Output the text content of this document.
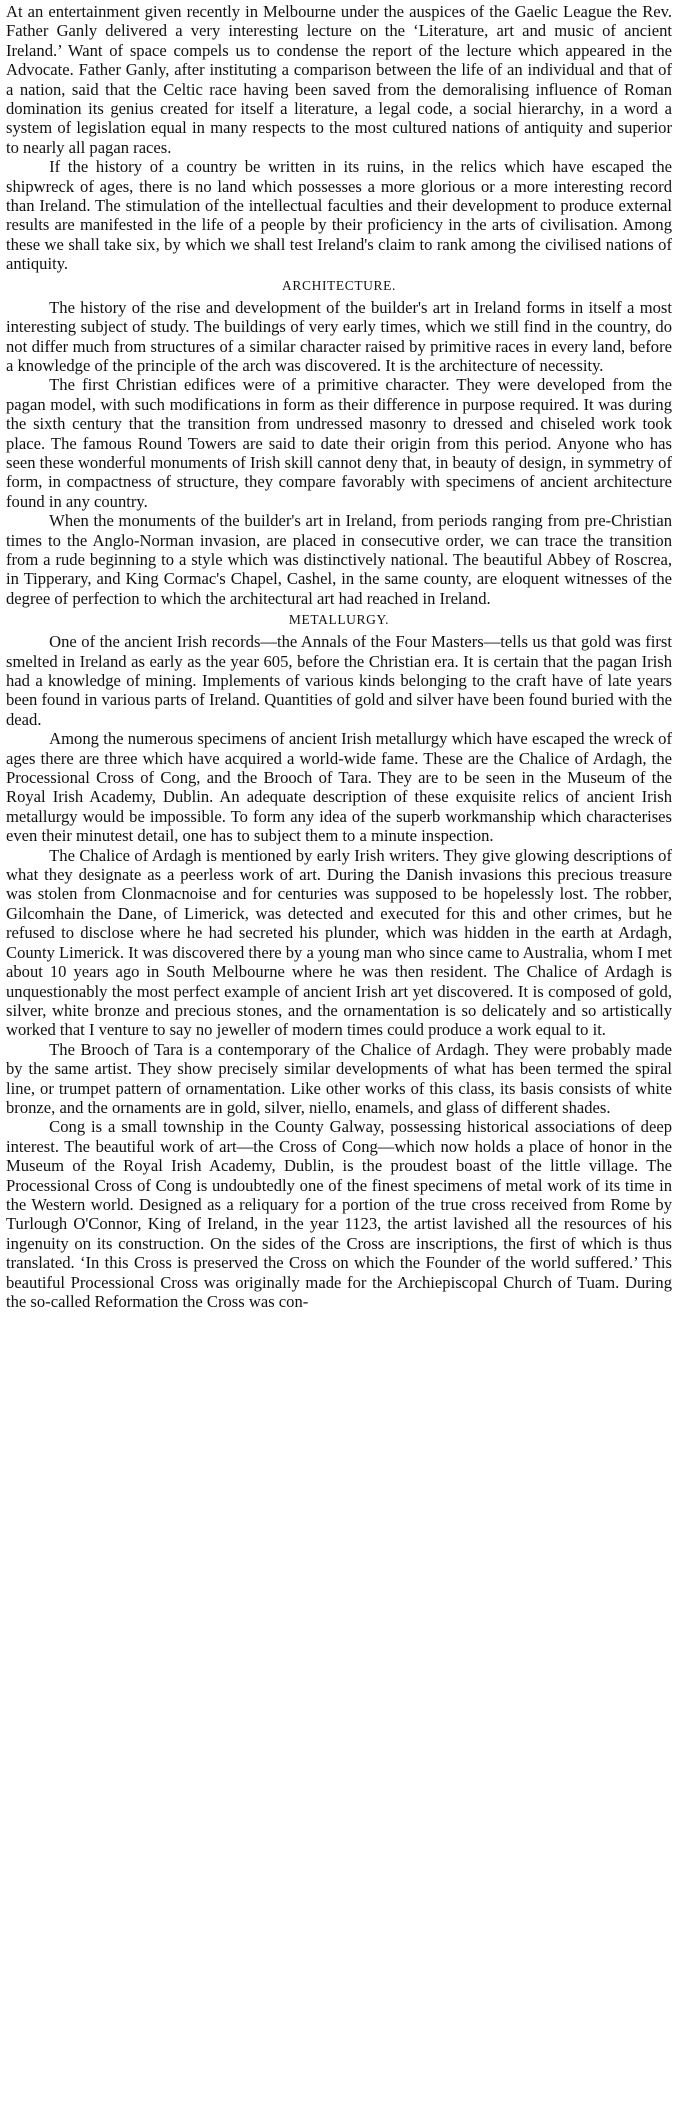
At an entertainment given recently in Melbourne under the auspices of the Gaelic League the Rev. Father Ganly delivered a very interesting lecture on the ‘Literature, art and music of ancient Ireland.’ Want of space compels us to condense the report of the lecture which appeared in the Advocate. Father Ganly, after instituting a comparison between the life of an individual and that of a nation, said that the Celtic race having been saved from the demoralising influence of Roman domination its genius created for itself a literature, a legal code, a social hierarchy, in a word a system of legislation equal in many respects to the most cultured nations of antiquity and superior to nearly all pagan races.

If the history of a country be written in its ruins, in the relics which have escaped the shipwreck of ages, there is no land which possesses a more glorious or a more interesting record than Ireland. The stimulation of the intellectual faculties and their development to produce external results are manifested in the life of a people by their proficiency in the arts of civilisation. Among these we shall take six, by which we shall test Ireland's claim to rank among the civilised nations of antiquity.

ARCHITECTURE.

The history of the rise and development of the builder's art in Ireland forms in itself a most interesting subject of study. The buildings of very early times, which we still find in the country, do not differ much from structures of a similar character raised by primitive races in every land, before a knowledge of the principle of the arch was discovered. It is the architecture of necessity.

The first Christian edifices were of a primitive character. They were developed from the pagan model, with such modifications in form as their difference in purpose required. It was during the sixth century that the transition from undressed masonry to dressed and chiseled work took place. The famous Round Towers are said to date their origin from this period. Anyone who has seen these wonderful monuments of Irish skill cannot deny that, in beauty of design, in symmetry of form, in compactness of structure, they compare favorably with specimens of ancient architecture found in any country.

When the monuments of the builder's art in Ireland, from periods ranging from pre-Christian times to the Anglo-Norman invasion, are placed in consecutive order, we can trace the transition from a rude beginning to a style which was distinctively national. The beautiful Abbey of Roscrea, in Tipperary, and King Cormac's Chapel, Cashel, in the same county, are eloquent witnesses of the degree of perfection to which the architectural art had reached in Ireland.

METALLURGY.

One of the ancient Irish records—the Annals of the Four Masters—tells us that gold was first smelted in Ireland as early as the year 605, before the Christian era. It is certain that the pagan Irish had a knowledge of mining. Implements of various kinds belonging to the craft have of late years been found in various parts of Ireland. Quantities of gold and silver have been found buried with the dead.

Among the numerous specimens of ancient Irish metallurgy which have escaped the wreck of ages there are three which have acquired a world-wide fame. These are the Chalice of Ardagh, the Processional Cross of Cong, and the Brooch of Tara. They are to be seen in the Museum of the Royal Irish Academy, Dublin. An adequate description of these exquisite relics of ancient Irish metallurgy would be impossible. To form any idea of the superb workmanship which characterises even their minutest detail, one has to subject them to a minute inspection.

The Chalice of Ardagh is mentioned by early Irish writers. They give glowing descriptions of what they designate as a peerless work of art. During the Danish invasions this precious treasure was stolen from Clonmacnoise and for centuries was supposed to be hopelessly lost. The robber, Gilcomhain the Dane, of Limerick, was detected and executed for this and other crimes, but he refused to disclose where he had secreted his plunder, which was hidden in the earth at Ardagh, County Limerick. It was discovered there by a young man who since came to Australia, whom I met about 10 years ago in South Melbourne where he was then resident. The Chalice of Ardagh is unquestionably the most perfect example of ancient Irish art yet discovered. It is composed of gold, silver, white bronze and precious stones, and the ornamentation is so delicately and so artistically worked that I venture to say no jeweller of modern times could produce a work equal to it.

The Brooch of Tara is a contemporary of the Chalice of Ardagh. They were probably made by the same artist. They show precisely similar developments of what has been termed the spiral line, or trumpet pattern of ornamentation. Like other works of this class, its basis consists of white bronze, and the ornaments are in gold, silver, niello, enamels, and glass of different shades.

Cong is a small township in the County Galway, possessing historical associations of deep interest. The beautiful work of art—the Cross of Cong—which now holds a place of honor in the Museum of the Royal Irish Academy, Dublin, is the proudest boast of the little village. The Processional Cross of Cong is undoubtedly one of the finest specimens of metal work of its time in the Western world. Designed as a reliquary for a portion of the true cross received from Rome by Turlough O'Connor, King of Ireland, in the year 1123, the artist lavished all the resources of his ingenuity on its construction. On the sides of the Cross are inscriptions, the first of which is thus translated. ‘In this Cross is preserved the Cross on which the Founder of the world suffered.’ This beautiful Processional Cross was originally made for the Archiepiscopal Church of Tuam. During the so-called Reformation the Cross was con-
